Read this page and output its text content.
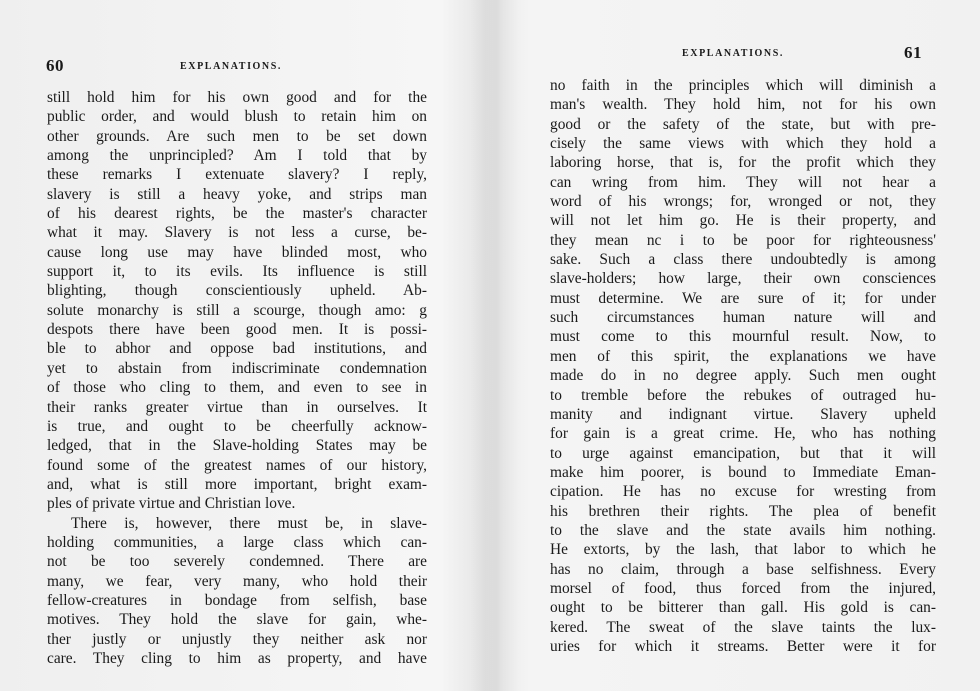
60	EXPLANATIONS.
still hold him for his own good and for the
public order, and would blush to retain him on
other grounds. Are such men to be set down
among the unprincipled? Am I told that by
these remarks I extenuate slavery? I reply,
slavery is still a heavy yoke, and strips man
of his dearest rights, be the master's character
what it may. Slavery is not less a curse, be-
cause long use may have blinded most, who
support it, to its evils. Its influence is still
blighting, though conscientiously upheld. Ab-
solute monarchy is still a scourge, though amo: g
despots there have been good men. It is possi-
ble to abhor and oppose bad institutions, and
yet to abstain from indiscriminate condemnation
of those who cling to them, and even to see in
their ranks greater virtue than in ourselves. It
is true, and ought to be cheerfully acknow-
ledged, that in the Slave-holding States may be
found some of the greatest names of our history,
and, what is still more important, bright exam-
ples of private virtue and Christian love.
There is, however, there must be, in slave-
holding communities, a large class which can-
not be too severely condemned. There are
many, we fear, very many, who hold their
fellow-creatures in bondage from selfish, base
motives. They hold the slave for gain, whe-
ther justly or unjustly they neither ask nor
care. They cling to him as property, and have
EXPLANATIONS.	61
no faith in the principles which will diminish a
man's wealth. They hold him, not for his own
good or the safety of the state, but with pre-
cisely the same views with which they hold a
laboring horse, that is, for the profit which they
can wring from him. They will not hear a
word of his wrongs; for, wronged or not, they
will not let him go. He is their property, and
they mean nc i to be poor for righteousness'
sake. Such a class there undoubtedly is among
slave-holders; how large, their own consciences
must determine. We are sure of it; for under
such circumstances human nature will and
must come to this mournful result. Now, to
men of this spirit, the explanations we have
made do in no degree apply. Such men ought
to tremble before the rebukes of outraged hu-
manity and indignant virtue. Slavery upheld
for gain is a great crime. He, who has nothing
to urge against emancipation, but that it will
make him poorer, is bound to Immediate Eman-
cipation. He has no excuse for wresting from
his brethren their rights. The plea of benefit
to the slave and the state avails him nothing.
He extorts, by the lash, that labor to which he
has no claim, through a base selfishness. Every
morsel of food, thus forced from the injured,
ought to be bitterer than gall. His gold is can-
kered. The sweat of the slave taints the lux-
uries for which it streams. Better were it for
